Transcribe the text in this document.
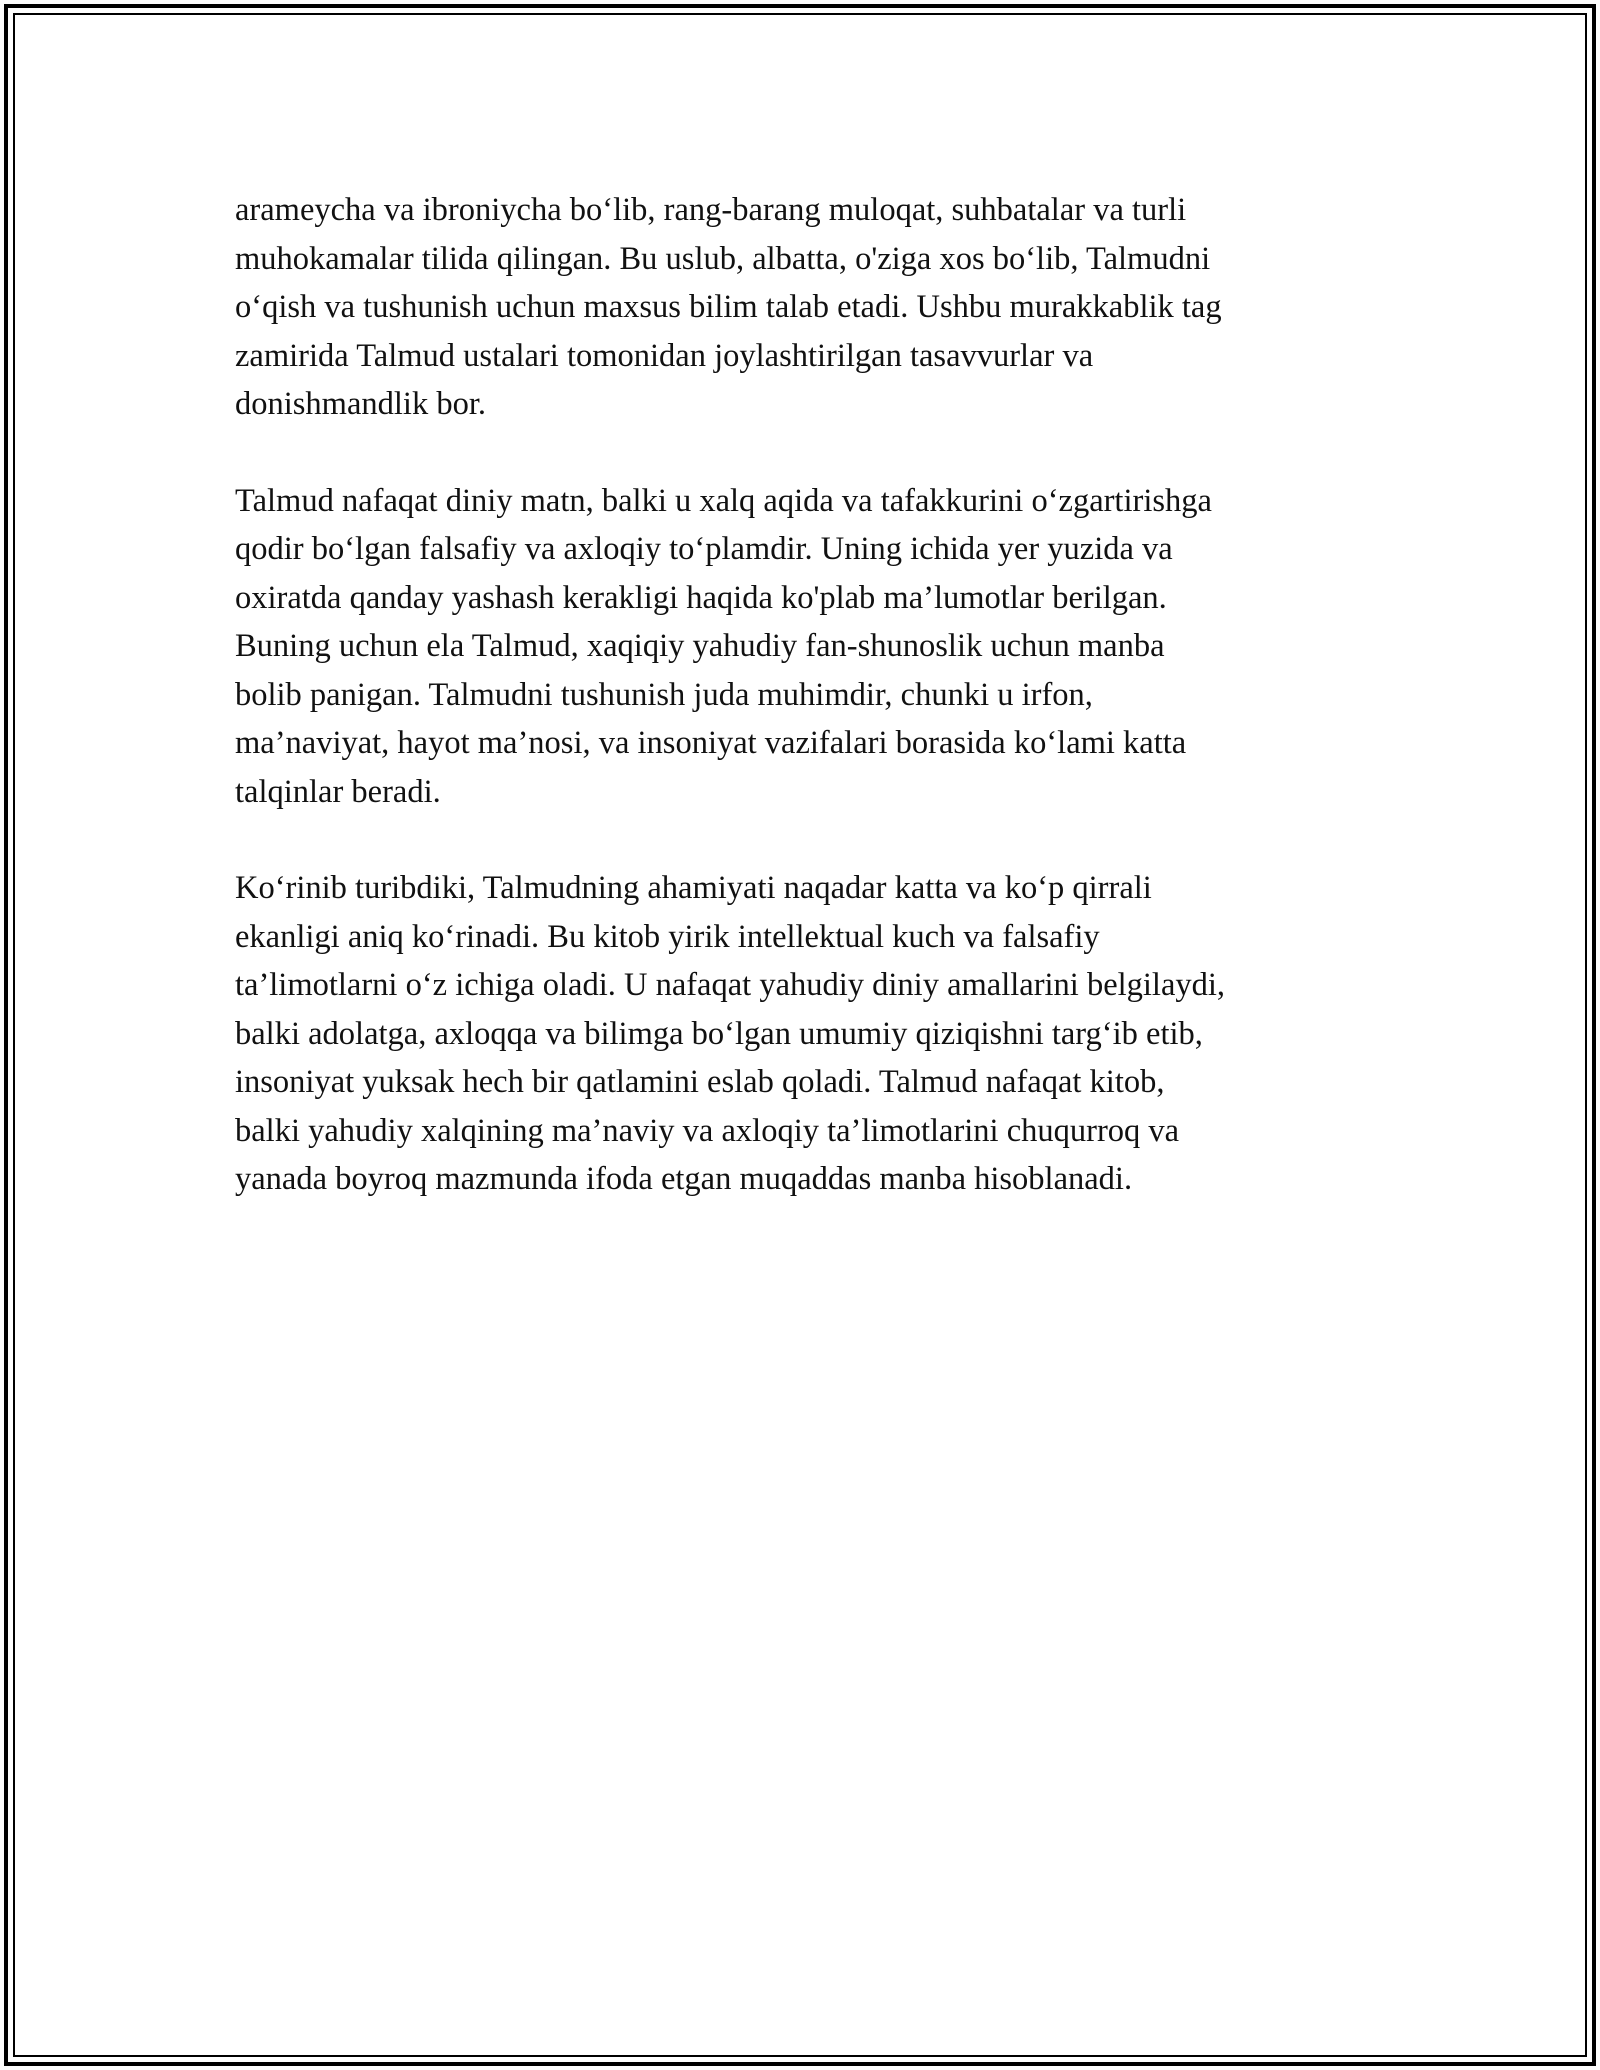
arameycha va ibroniycha bo‘lib, rang-barang muloqat, suhbatalar va turli
muhokamalar tilida qilingan. Bu uslub, albatta, o'ziga xos bo‘lib, Talmudni
o‘qish va tushunish uchun maxsus bilim talab etadi. Ushbu murakkablik tag
zamirida Talmud ustalari tomonidan joylashtirilgan tasavvurlar va
donishmandlik bor.

Talmud nafaqat diniy matn, balki u xalq aqida va tafakkurini o‘zgartirishga
qodir bo‘lgan falsafiy va axloqiy to‘plamdir. Uning ichida yer yuzida va
oxiratda qanday yashash kerakligi haqida ko'plab ma’lumotlar berilgan.
Buning uchun ela Talmud, xaqiqiy yahudiy fan-shunoslik uchun manba
bolib panigan. Talmudni tushunish juda muhimdir, chunki u irfon,
ma’naviyat, hayot ma’nosi, va insoniyat vazifalari borasida ko‘lami katta
talqinlar beradi.

Ko‘rinib turibdiki, Talmudning ahamiyati naqadar katta va ko‘p qirrali
ekanligi aniq ko‘rinadi. Bu kitob yirik intellektual kuch va falsafiy
ta’limotlarni o‘z ichiga oladi. U nafaqat yahudiy diniy amallarini belgilaydi,
balki adolatga, axloqqa va bilimga bo‘lgan umumiy qiziqishni targ‘ib etib,
insoniyat yuksak hech bir qatlamini eslab qoladi. Talmud nafaqat kitob,
balki yahudiy xalqining ma’naviy va axloqiy ta’limotlarini chuqurroq va
yanada boyroq mazmunda ifoda etgan muqaddas manba hisoblanadi.
